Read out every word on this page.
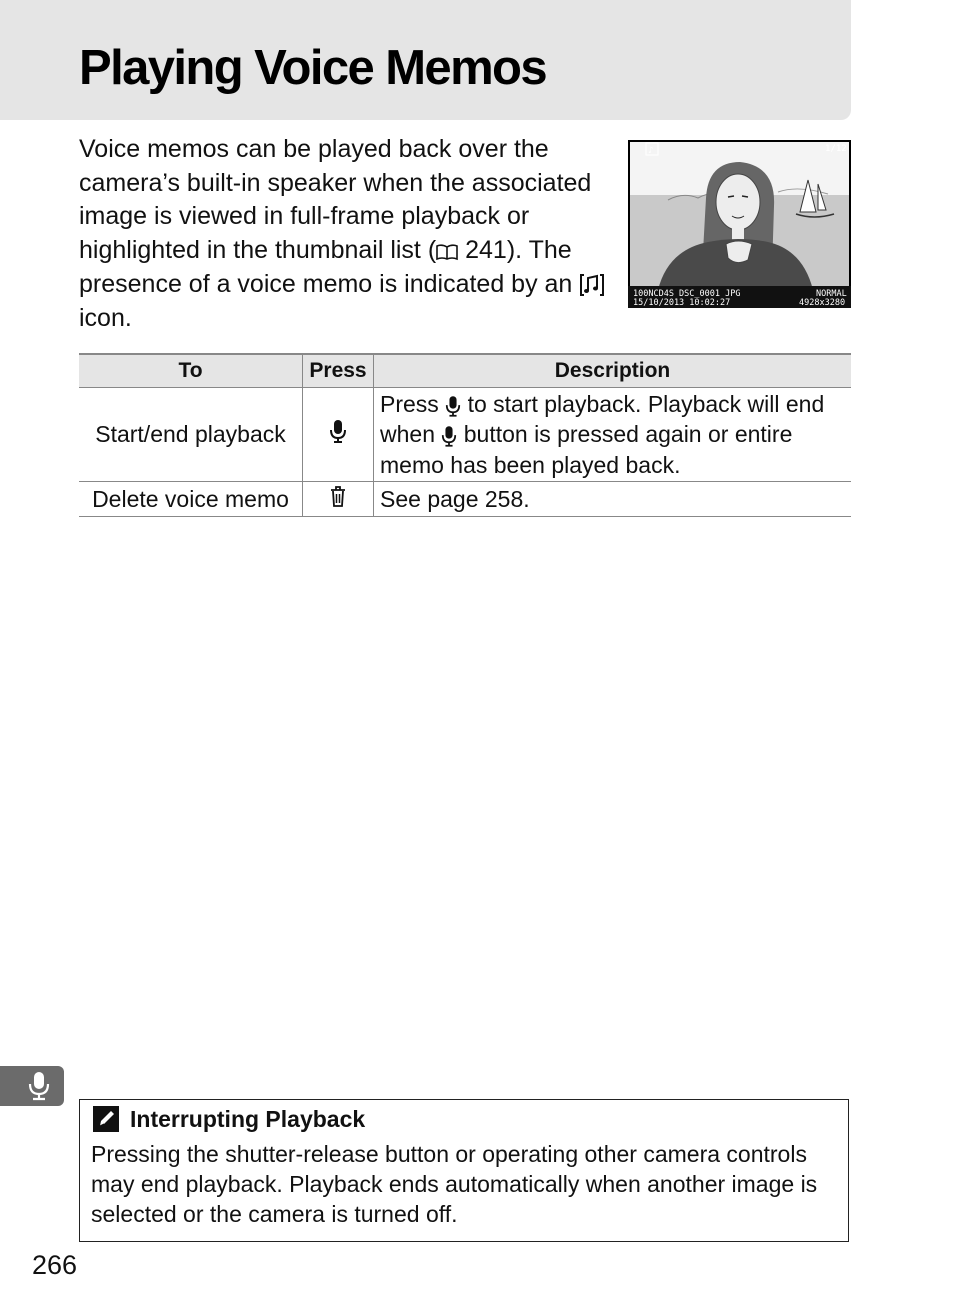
Playing Voice Memos

Voice memos can be played back over the camera’s built-in speaker when the associated image is viewed in full-frame playback or highlighted in the thumbnail list ( 241). The presence of a voice memo is indicated by an  icon.

♪	1/12
100NCD4S DSC_0001 JPG	NORMAL
15/10/2013 10:02:27	4928x3280
To	Press	Description
Start/end playback		Press  to start playback. Playback will end when  button is pressed again or entire memo has been played back.
Delete voice memo		See page 258.

Interrupting Playback

Pressing the shutter-release button or operating other camera controls may end playback. Playback ends automatically when another image is selected or the camera is turned off.

266
